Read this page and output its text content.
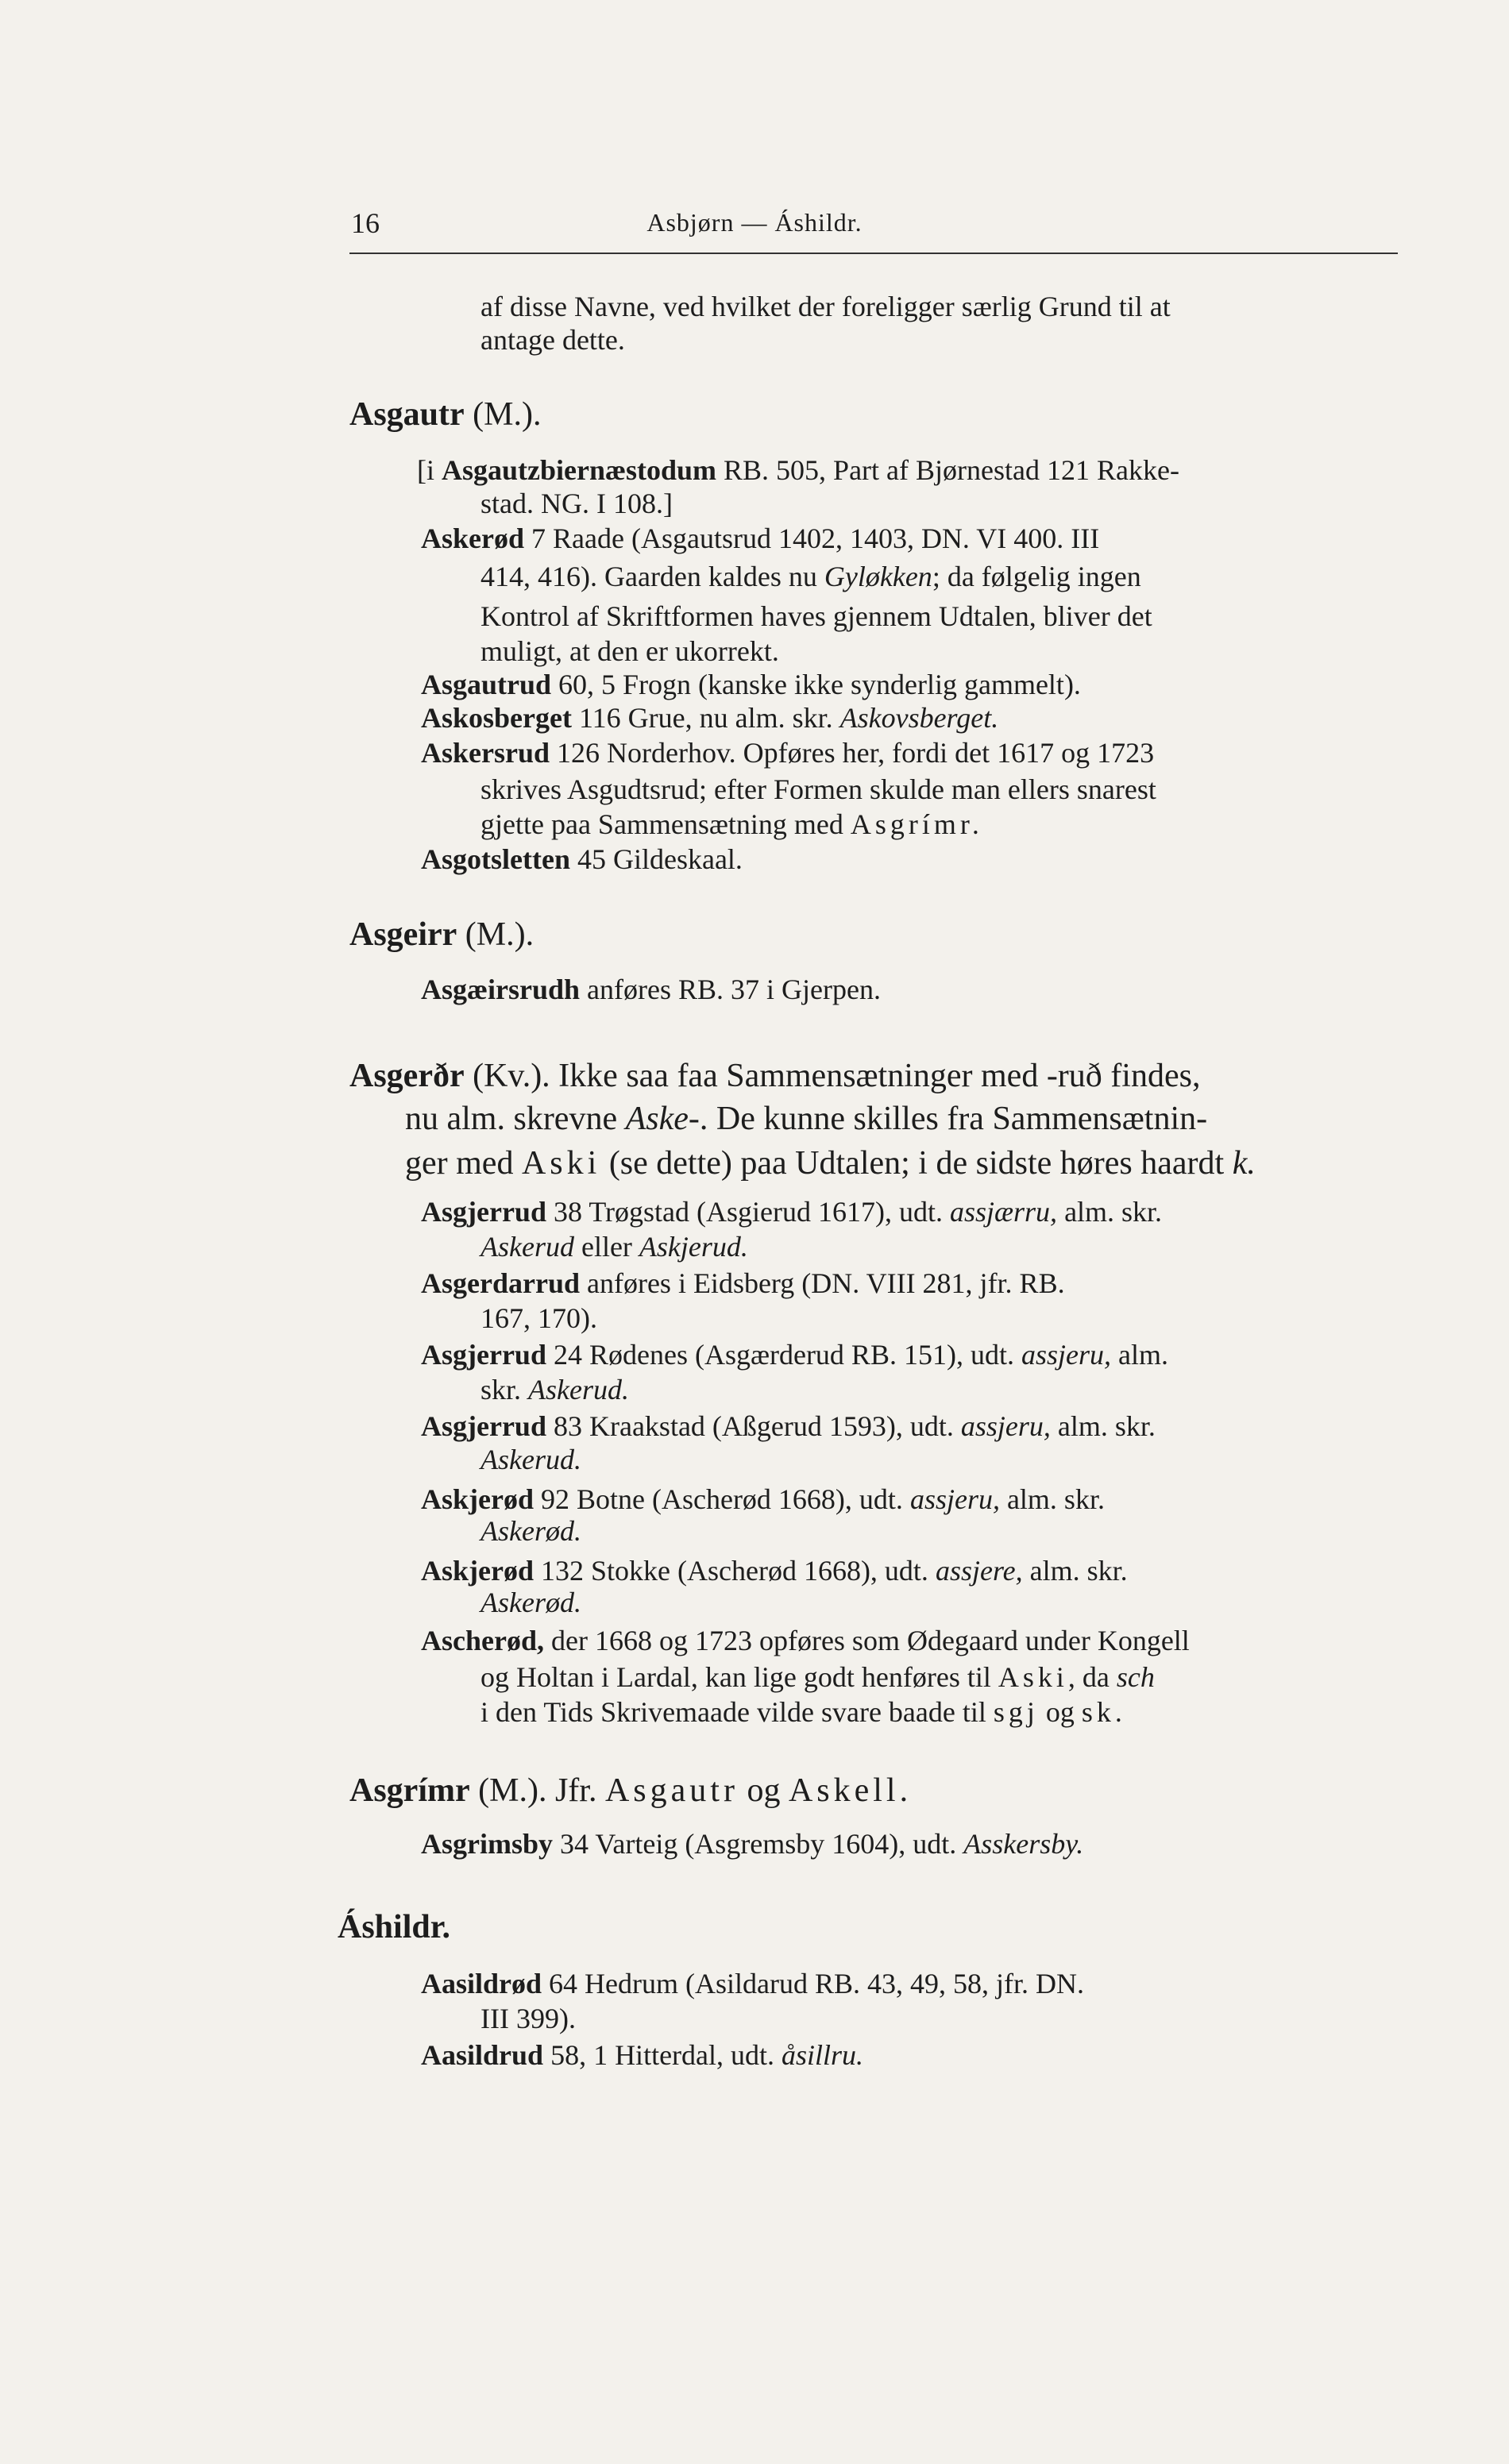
16	Asbjørn — Áshildr.
af disse Navne, ved hvilket der foreligger særlig Grund til at
antage dette.
Asgautr (M.).
[i Asgautzbiernæstodum RB. 505, Part af Bjørnestad 121 Rakke-
stad. NG. I 108.]
Askerød 7 Raade (Asgautsrud 1402, 1403, DN. VI 400. III
414, 416). Gaarden kaldes nu Gyløkken; da følgelig ingen
Kontrol af Skriftformen haves gjennem Udtalen, bliver det
muligt, at den er ukorrekt.
Asgautrud 60, 5 Frogn (kanske ikke synderlig gammelt).
Askosberget 116 Grue, nu alm. skr. Askovsberget.
Askersrud 126 Norderhov. Opføres her, fordi det 1617 og 1723
skrives Asgudtsrud; efter Formen skulde man ellers snarest
gjette paa Sammensætning med Asgrímr.
Asgotsletten 45 Gildeskaal.
Asgeirr (M.).
Asgæirsrudh anføres RB. 37 i Gjerpen.
Asgerðr (Kv.). Ikke saa faa Sammensætninger med -ruð findes,
nu alm. skrevne Aske-. De kunne skilles fra Sammensætnin-
ger med Aski (se dette) paa Udtalen; i de sidste høres haardt k.
Asgjerrud 38 Trøgstad (Asgierud 1617), udt. assjærru, alm. skr.
Askerud eller Askjerud.
Asgerdarrud anføres i Eidsberg (DN. VIII 281, jfr. RB.
167, 170).
Asgjerrud 24 Rødenes (Asgærderud RB. 151), udt. assjeru, alm.
skr. Askerud.
Asgjerrud 83 Kraakstad (Aßgerud 1593), udt. assjeru, alm. skr.
Askerud.
Askjerød 92 Botne (Ascherød 1668), udt. assjeru, alm. skr.
Askerød.
Askjerød 132 Stokke (Ascherød 1668), udt. assjere, alm. skr.
Askerød.
Ascherød, der 1668 og 1723 opføres som Ødegaard under Kongell
og Holtan i Lardal, kan lige godt henføres til Aski, da sch
i den Tids Skrivemaade vilde svare baade til sgj og sk.
Asgrímr (M.). Jfr. Asgautr og Askell.
Asgrimsby 34 Varteig (Asgremsby 1604), udt. Asskersby.
Áshildr.
Aasildrød 64 Hedrum (Asildarud RB. 43, 49, 58, jfr. DN.
III 399).
Aasildrud 58, 1 Hitterdal, udt. åsillru.
